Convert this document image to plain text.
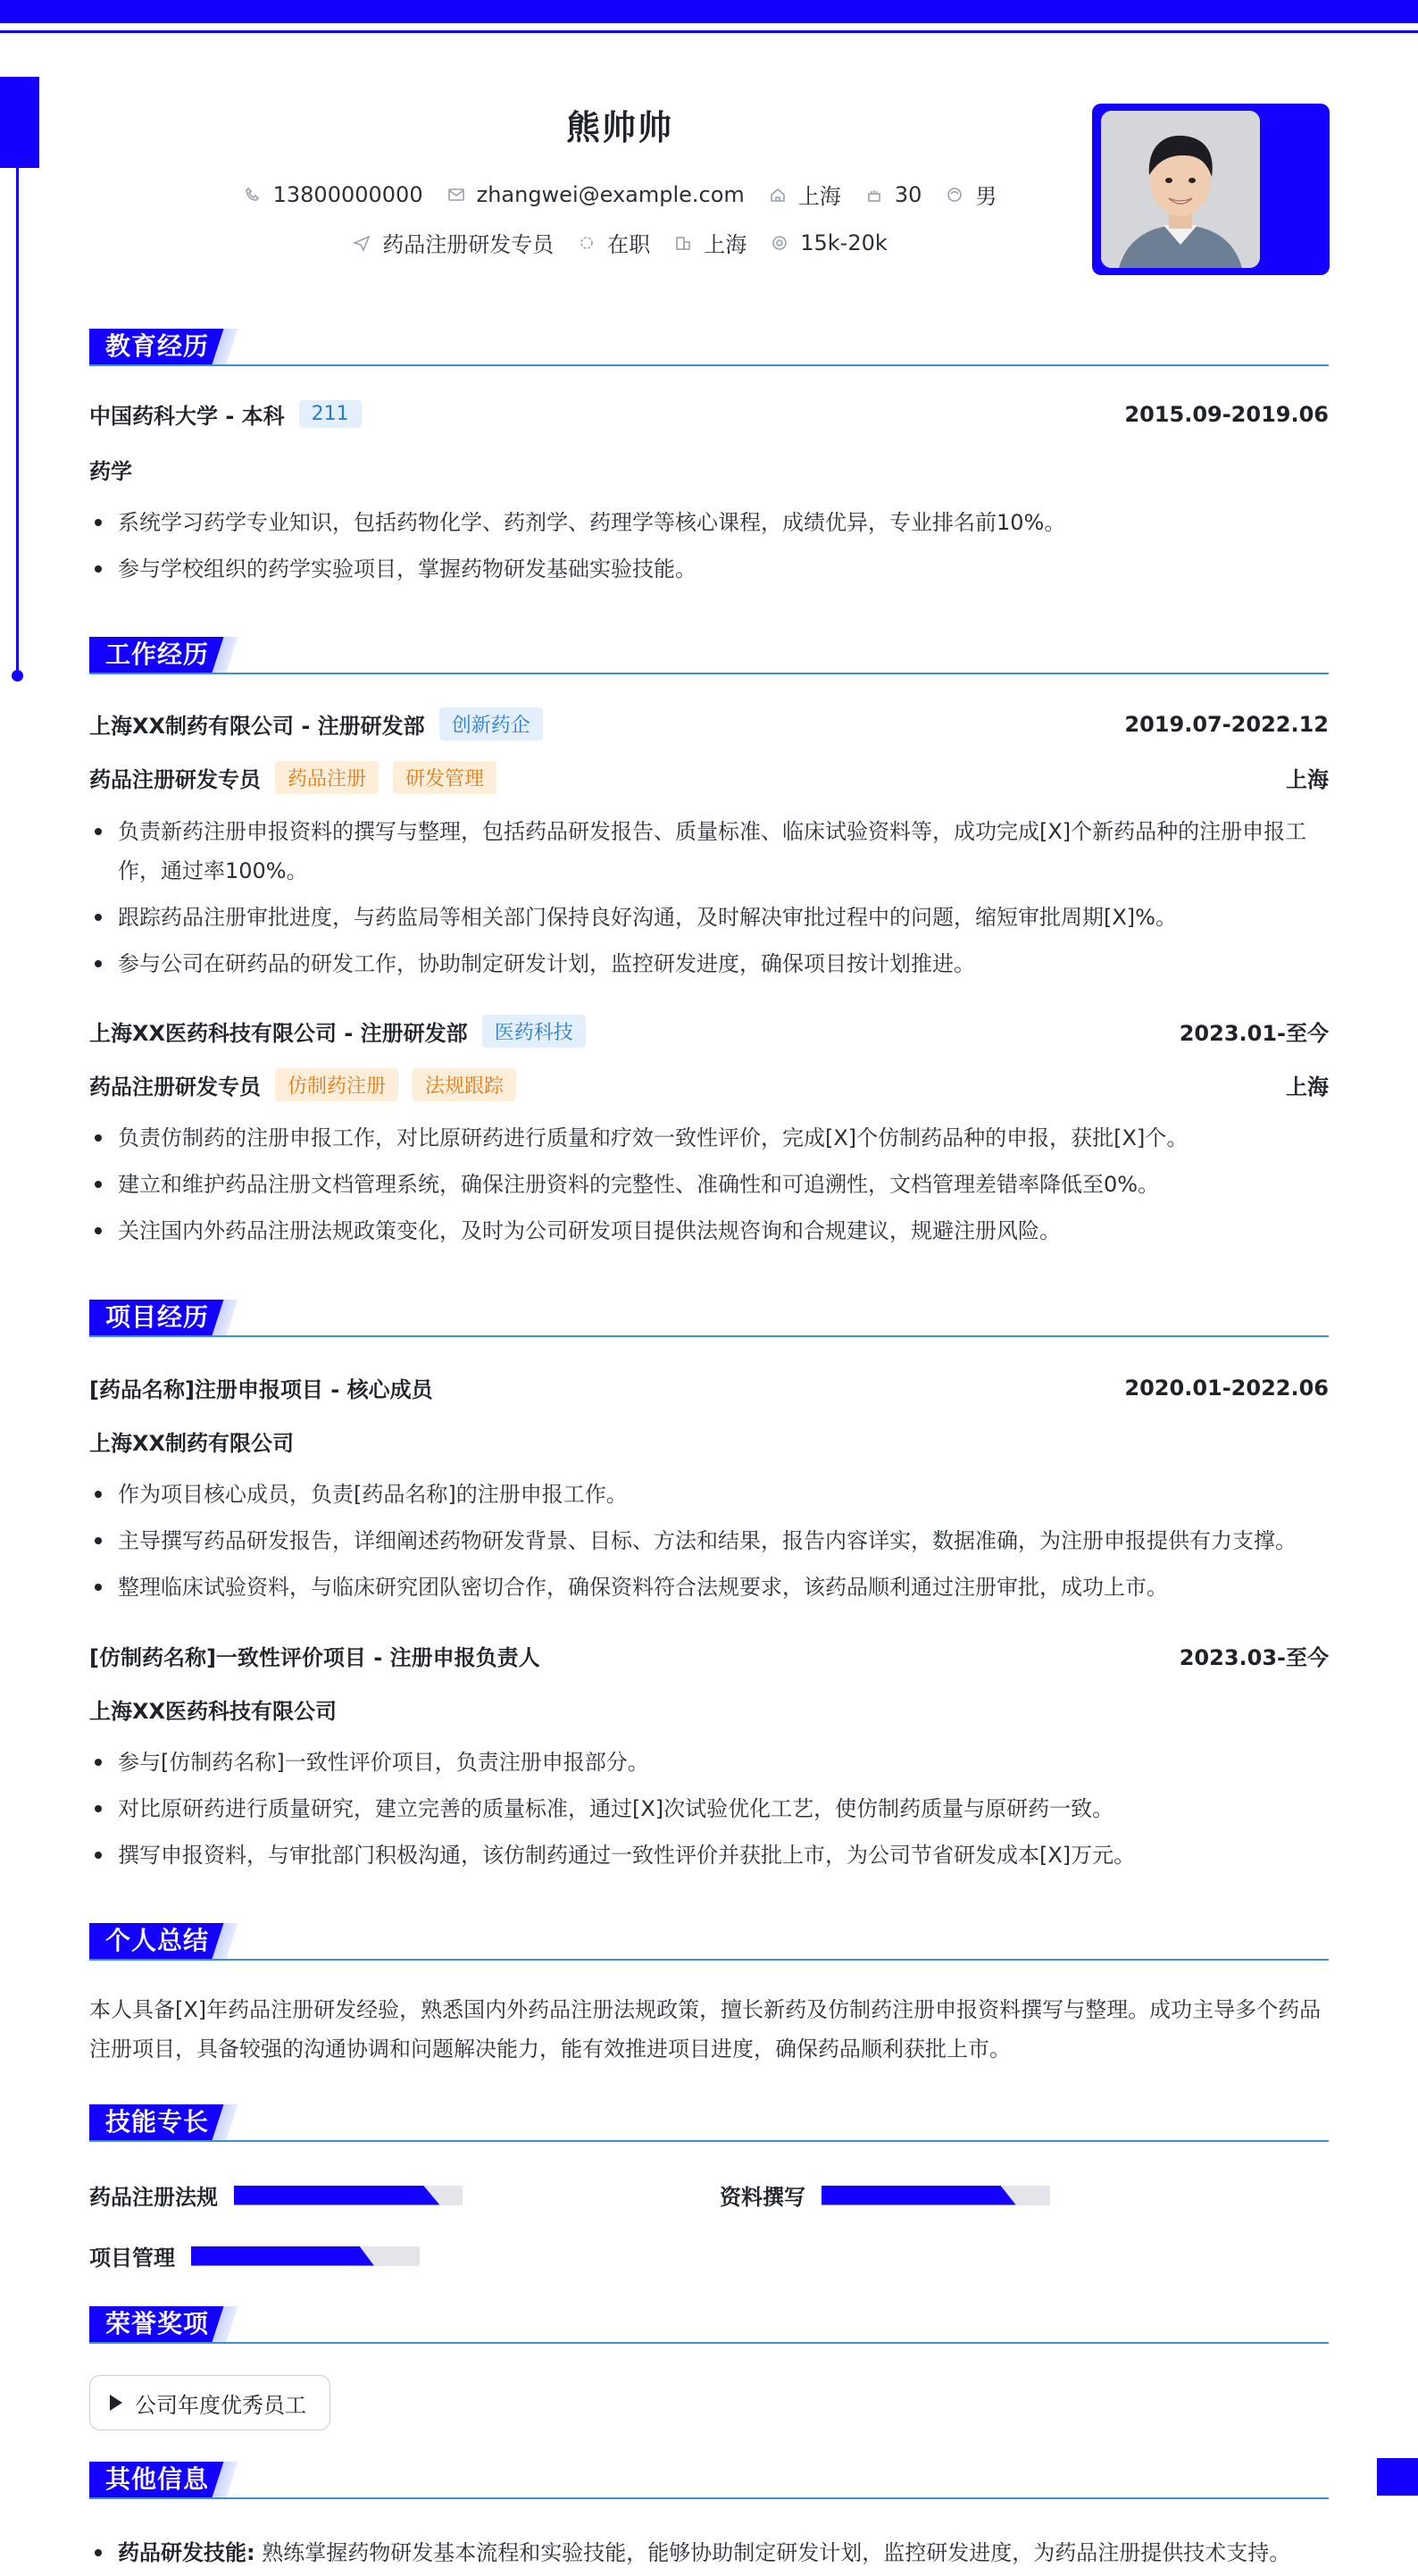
熊帅帅
13800000000	zhangwei@example.com	上海	30	男
药品注册研发专员	在职	上海	15k-20k
教育经历
中国药科大学 - 本科	211	2015.09-2019.06
药学
系统学习药学专业知识，包括药物化学、药剂学、药理学等核心课程，成绩优异，专业排名前10%。
参与学校组织的药学实验项目，掌握药物研发基础实验技能。
工作经历
上海XX制药有限公司 - 注册研发部	创新药企	2019.07-2022.12
药品注册研发专员	药品注册	研发管理	上海
负责新药注册申报资料的撰写与整理，包括药品研发报告、质量标准、临床试验资料等，成功完成[X]个新药品种的注册申报工作，通过率100%。
跟踪药品注册审批进度，与药监局等相关部门保持良好沟通，及时解决审批过程中的问题，缩短审批周期[X]%。
参与公司在研药品的研发工作，协助制定研发计划，监控研发进度，确保项目按计划推进。
上海XX医药科技有限公司 - 注册研发部	医药科技	2023.01-至今
药品注册研发专员	仿制药注册	法规跟踪	上海
负责仿制药的注册申报工作，对比原研药进行质量和疗效一致性评价，完成[X]个仿制药品种的申报，获批[X]个。
建立和维护药品注册文档管理系统，确保注册资料的完整性、准确性和可追溯性，文档管理差错率降低至0%。
关注国内外药品注册法规政策变化，及时为公司研发项目提供法规咨询和合规建议，规避注册风险。
项目经历
[药品名称]注册申报项目 - 核心成员	2020.01-2022.06
上海XX制药有限公司
作为项目核心成员，负责[药品名称]的注册申报工作。
主导撰写药品研发报告，详细阐述药物研发背景、目标、方法和结果，报告内容详实，数据准确，为注册申报提供有力支撑。
整理临床试验资料，与临床研究团队密切合作，确保资料符合法规要求，该药品顺利通过注册审批，成功上市。
[仿制药名称]一致性评价项目 - 注册申报负责人	2023.03-至今
上海XX医药科技有限公司
参与[仿制药名称]一致性评价项目，负责注册申报部分。
对比原研药进行质量研究，建立完善的质量标准，通过[X]次试验优化工艺，使仿制药质量与原研药一致。
撰写申报资料，与审批部门积极沟通，该仿制药通过一致性评价并获批上市，为公司节省研发成本[X]万元。
个人总结
本人具备[X]年药品注册研发经验，熟悉国内外药品注册法规政策，擅长新药及仿制药注册申报资料撰写与整理。成功主导多个药品注册项目，具备较强的沟通协调和问题解决能力，能有效推进项目进度，确保药品顺利获批上市。
技能专长
药品注册法规	资料撰写
项目管理
荣誉奖项
公司年度优秀员工
其他信息
药品研发技能: 熟练掌握药物研发基本流程和实验技能，能够协助制定研发计划，监控研发进度，为药品注册提供技术支持。
